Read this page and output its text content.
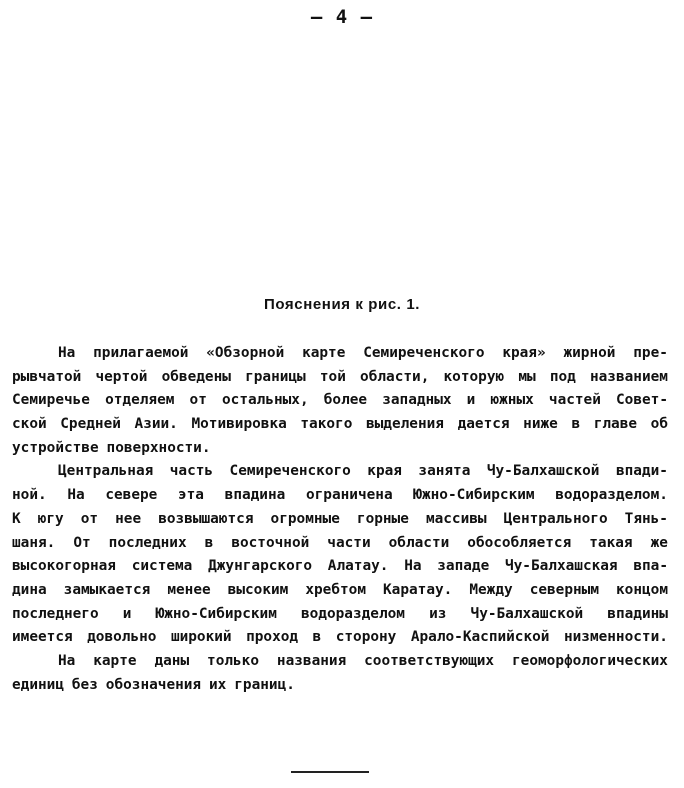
— 4 —
Пояснения к рис. 1.
На прилагаемой «Обзорной карте Семиреченского края» жирной пре-
рывчатой чертой обведены границы той области, которую мы под названием
Семиречье отделяем от остальных, более западных и южных частей Совет-
ской Средней Азии. Мотивировка такого выделения дается ниже в главе об
устройстве поверхности.
Центральная часть Семиреченского края занята Чу-Балхашской впади-
ной. На севере эта впадина ограничена Южно-Сибирским водоразделом.
К югу от нее возвышаются огромные горные массивы Центрального Тянь-
шаня. От последних в восточной части области обособляется такая же
высокогорная система Джунгарского Алатау. На западе Чу-Балхашская впа-
дина замыкается менее высоким хребтом Каратау. Между северным концом
последнего и Южно-Сибирским водоразделом из Чу-Балхашской впадины
имеется довольно широкий проход в сторону Арало-Каспийской низменности.
На карте даны только названия соответствующих геоморфологических
единиц без обозначения их границ.
